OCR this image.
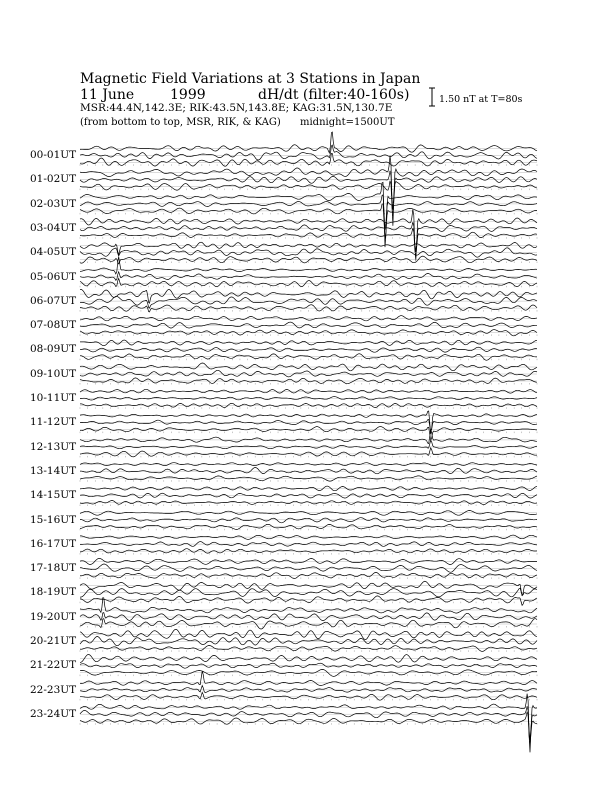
Magnetic Field Variations at 3 Stations in Japan
11 June	1999	dH/dt (filter:40-160s)
MSR:44.4N,142.3E; RIK:43.5N,143.8E; KAG:31.5N,130.7E
(from bottom to top, MSR, RIK, & KAG) midnight=1500UT
1.50 nT at T=80s
00-01UT
01-02UT
02-03UT
03-04UT
04-05UT
05-06UT
06-07UT
07-08UT
08-09UT
09-10UT
10-11UT
11-12UT
12-13UT
13-14UT
14-15UT
15-16UT
16-17UT
17-18UT
18-19UT
19-20UT
20-21UT
21-22UT
22-23UT
23-24UT
